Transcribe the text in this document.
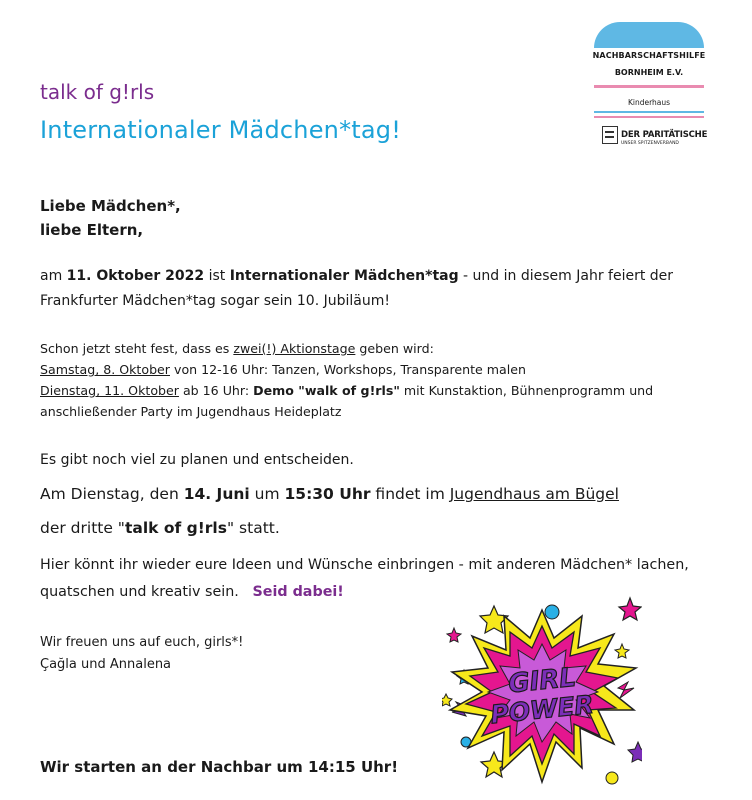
NACHBARSCHAFTSHILFE
BORNHEIM E.V.
Kinderhaus
DER PARITÄTISCHE
UNSER SPITZENVERBAND
talk of g!rls
Internationaler Mädchen*tag!
Liebe Mädchen*,
liebe Eltern,
am 11. Oktober 2022 ist Internationaler Mädchen*tag - und in diesem Jahr feiert der Frankfurter Mädchen*tag sogar sein 10. Jubiläum!
Schon jetzt steht fest, dass es zwei(!) Aktionstage geben wird:
Samstag, 8. Oktober von 12-16 Uhr: Tanzen, Workshops, Transparente malen
Dienstag, 11. Oktober ab 16 Uhr: Demo "walk of g!rls" mit Kunstaktion, Bühnenprogramm und anschließender Party im Jugendhaus Heideplatz
Es gibt noch viel zu planen und entscheiden.
Am Dienstag, den 14. Juni um 15:30 Uhr findet im Jugendhaus am Bügel
der dritte "talk of g!rls" statt.
Hier könnt ihr wieder eure Ideen und Wünsche einbringen - mit anderen Mädchen* lachen, quatschen und kreativ sein. Seid dabei!
Wir freuen uns auf euch, girls*!
Çağla und Annalena
Wir starten an der Nachbar um 14:15 Uhr!
GIRL
POWER
